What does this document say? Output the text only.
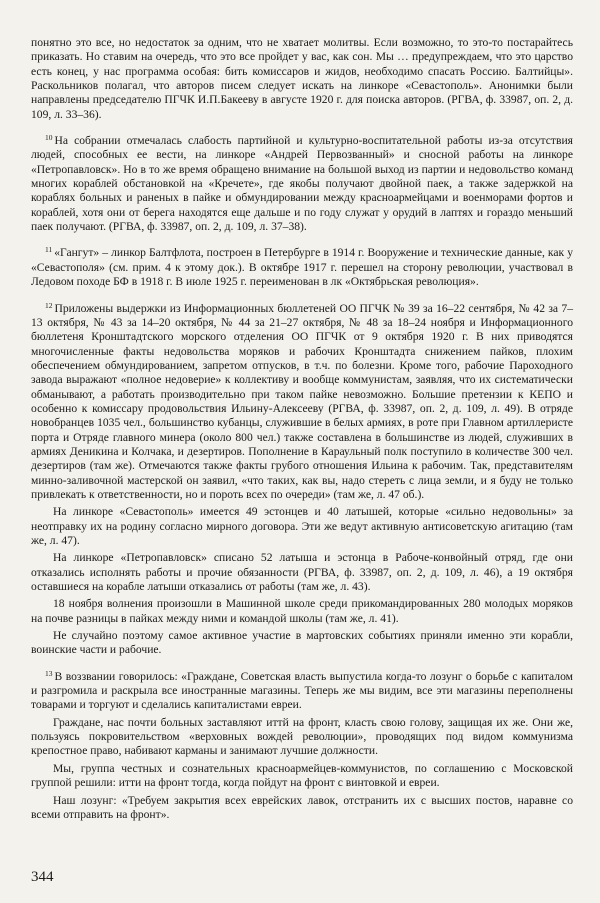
понятно это все, но недостаток за одним, что не хватает молитвы. Если возможно, то это-то постарайтесь приказать. Но ставим на очередь, что это все пройдет у вас, как сон. Мы … предупреждаем, что это царство есть конец, у нас программа особая: бить комиссаров и жидов, необходимо спасать Россию. Балтийцы». Раскольников полагал, что авторов писем следует искать на линкоре «Севастополь». Анонимки были направлены председателю ПГЧК И.П.Бакееву в августе 1920 г. для поиска авторов. (РГВА, ф. 33987, оп. 2, д. 109, л. 33–36).

$^{10}$ На собрании отмечалась слабость партийной и культурно-воспитательной работы из-за отсутствия людей, способных ее вести, на линкоре «Андрей Первозванный» и сносной работы на линкоре «Петропавловск». Но в то же время обращено внимание на большой выход из партии и недовольство команд многих кораблей обстановкой на «Кречете», где якобы получают двойной паек, а также задержкой на кораблях больных и раненых в пайке и обмундировании между красноармейцами и военморами фортов и кораблей, хотя они от берега находятся еще дальше и по году служат у орудий в лаптях и гораздо меньший паек получают. (РГВА, ф. 33987, оп. 2, д. 109, л. 37–38).

$^{11}$ «Гангут» – линкор Балтфлота, построен в Петербурге в 1914 г. Вооружение и технические данные, как у «Севастополя» (см. прим. 4 к этому док.). В октябре 1917 г. перешел на сторону революции, участвовал в Ледовом походе БФ в 1918 г. В июле 1925 г. переименован в лк «Октябрьская революция».

$^{12}$ Приложены выдержки из Информационных бюллетеней ОО ПГЧК № 39 за 16–22 сентября, № 42 за 7–13 октября, № 43 за 14–20 октября, № 44 за 21–27 октября, № 48 за 18–24 ноября и Информационного бюллетеня Кронштадтского морского отделения ОО ПГЧК от 9 октября 1920 г. В них приводятся многочисленные факты недовольства моряков и рабочих Кронштадта снижением пайков, плохим обеспечением обмундированием, запретом отпусков, в т.ч. по болезни. Кроме того, рабочие Пароходного завода выражают «полное недоверие» к коллективу и вообще коммунистам, заявляя, что их систематически обманывают, а работать производительно при таком пайке невозможно. Большие претензии к КЕПО и особенно к комиссару продовольствия Ильину-Алексееву (РГВА, ф. 33987, оп. 2, д. 109, л. 49). В отряде новобранцев 1035 чел., большинство кубанцы, служившие в белых армиях, в роте при Главном артиллеристе порта и Отряде главного минера (около 800 чел.) также составлена в большинстве из людей, служивших в армиях Деникина и Колчака, и дезертиров. Пополнение в Караульный полк поступило в количестве 300 чел. дезертиров (там же). Отмечаются также факты грубого отношения Ильина к рабочим. Так, представителям минно-заливочной мастерской он заявил, «что таких, как вы, надо стереть с лица земли, и я буду не только привлекать к ответственности, но и пороть всех по очереди» (там же, л. 47 об.).

На линкоре «Севастополь» имеется 49 эстонцев и 40 латышей, которые «сильно недовольны» за неотправку их на родину согласно мирного договора. Эти же ведут активную антисоветскую агитацию (там же, л. 47).

На линкоре «Петропавловск» списано 52 латыша и эстонца в Рабоче-конвойный отряд, где они отказались исполнять работы и прочие обязанности (РГВА, ф. 33987, оп. 2, д. 109, л. 46), а 19 октября оставшиеся на корабле латыши отказались от работы (там же, л. 43).

18 ноября волнения произошли в Машинной школе среди прикомандированных 280 молодых моряков на почве разницы в пайках между ними и командой школы (там же, л. 41).

Не случайно поэтому самое активное участие в мартовских событиях приняли именно эти корабли, воинские части и рабочие.

$^{13}$ В воззвании говорилось: «Граждане, Советская власть выпустила когда-то лозунг о борьбе с капиталом и разгромила и раскрыла все иностранные магазины. Теперь же мы видим, все эти магазины переполнены товарами и торгуют и сделались капиталистами евреи.

Граждане, нас почти больных заставляют иттй на фронт, класть свою голову, защищая их же. Они же, пользуясь покровительством «верховных вождей революции», проводящих под видом коммунизма крепостное право, набивают карманы и занимают лучшие должности.

Мы, группа честных и сознательных красноармейцев-коммунистов, по соглашению с Московской группой решили: итти на фронт тогда, когда пойдут на фронт с винтовкой и евреи.

Наш лозунг: «Требуем закрытия всех еврейских лавок, отстранить их с высших постов, наравне со всеми отправить на фронт».

344
